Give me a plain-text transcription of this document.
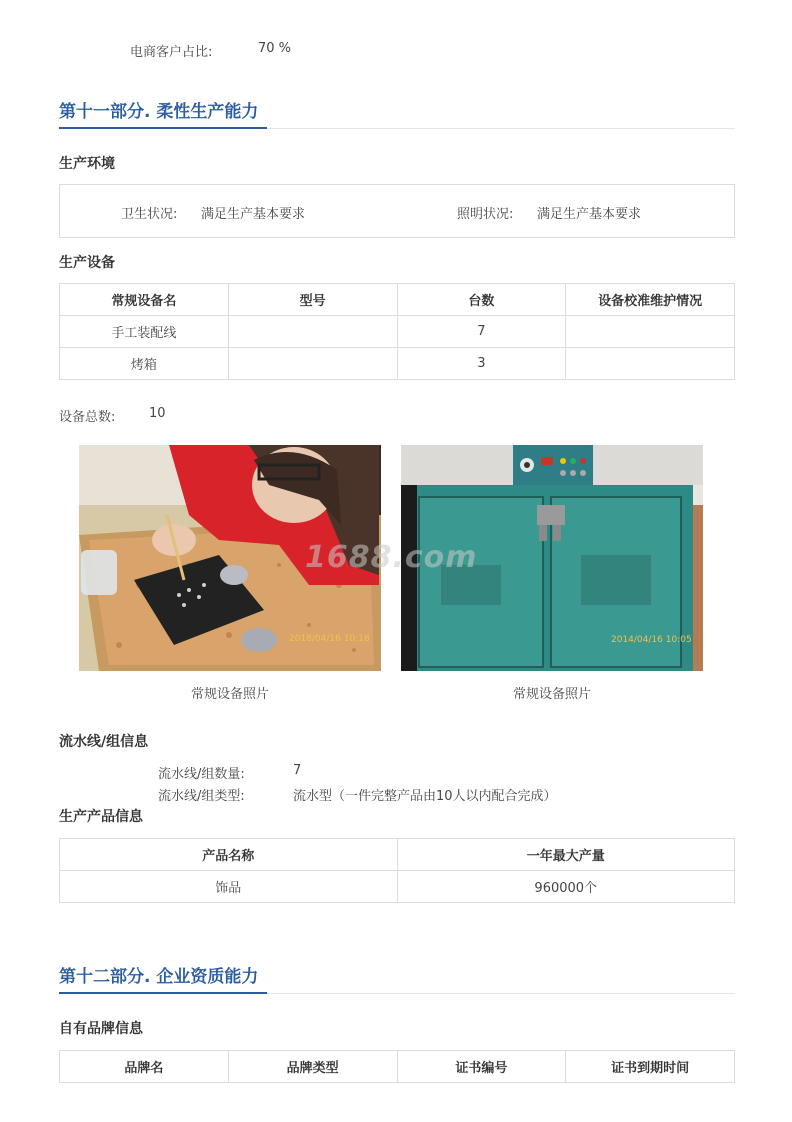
电商客户占比:	70 %
第十一部分. 柔性生产能力
生产环境
卫生状况: 满足生产基本要求	照明状况: 满足生产基本要求
生产设备
常规设备名	型号	台数	设备校准维护情况
手工装配线		7	
烤箱		3	
设备总数:	10
2018/04/16 10:18
常规设备照片
2014/04/16 10:05
常规设备照片
1688.com
流水线/组信息
流水线/组数量:	7
流水线/组类型:	流水型（一件完整产品由10人以内配合完成）
生产产品信息
产品名称	一年最大产量
饰品	960000个
第十二部分. 企业资质能力
自有品牌信息
品牌名	品牌类型	证书编号	证书到期时间
